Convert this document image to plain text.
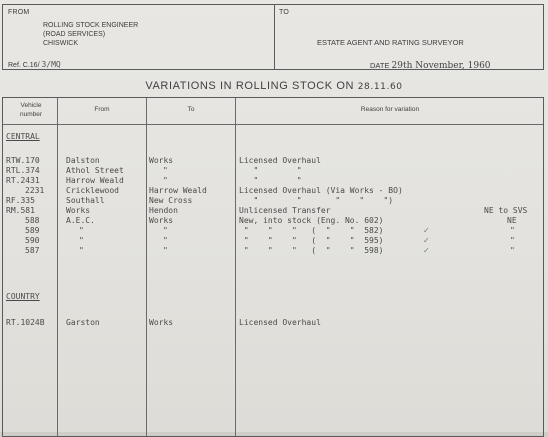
FROM
ROLLING STOCK ENGINEER
(ROAD SERVICES)
CHISWICK
Ref. C.16/ 3/MQ
TO
ESTATE AGENT AND RATING SURVEYOR
DATE 29th November, 1960
VARIATIONS IN ROLLING STOCK ON 28.11.60
Vehicle
number
From	To	Reason for variation
CENTRAL
RTW.170	Dalston	Works	Licensed Overhaul
RTL.374	Athol Street	"	"        "
RT.2431	Harrow Weald	"	"        "
2231	Cricklewood	Harrow Weald	Licensed Overhaul (Via Works - BO)
RF.335	Southall	New Cross	"        "       "    "    ")
RM.581	Works	Hendon	Unlicensed Transfer	NE to SVS
588	A.E.C.	Works	New, into stock (Eng. No. 602)	NE
589	"	"	"    "    "   (  "    "  582)	✓	"
590	"	"	"    "    "   (  "    "  595)	✓	"
587	"	"	"    "    "   (  "    "  598)	✓	"
COUNTRY
RT.1024B	Garston	Works	Licensed Overhaul
